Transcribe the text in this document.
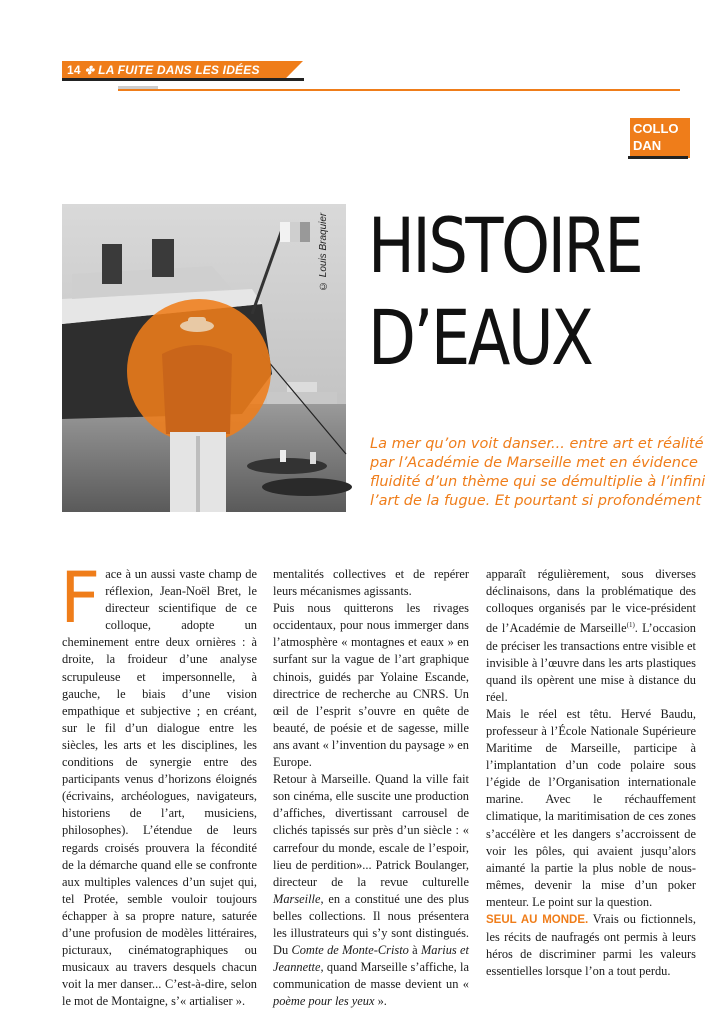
14 ✤ LA FUITE DANS LES IDÉES
COLLO
DAN
© Louis Braquier HISTOIRE
D’EAUX
La mer qu’on voit danser... entre art et réalité
par l’Académie de Marseille met en évidence
fluidité d’un thème qui se démultiplie à l’infini
l’art de la fugue. Et pourtant si profondément

Face à un aussi vaste champ de réflexion, Jean-Noël Bret, le directeur scientifique de ce colloque, adopte un cheminement entre deux ornières : à droite, la froideur d’une analyse scrupuleuse et impersonnelle, à gauche, le biais d’une vision empathique et subjective ; en créant, sur le fil d’un dialogue entre les siècles, les arts et les disciplines, les conditions de synergie entre des participants venus d’horizons éloignés (écrivains, archéologues, navigateurs, historiens de l’art, musiciens, philosophes). L’étendue de leurs regards croisés prouvera la fécondité de la démarche quand elle se confronte aux multiples valences d’un sujet qui, tel Protée, semble vouloir toujours échapper à sa propre nature, saturée d’une profusion de modèles littéraires, picturaux, cinématographiques ou musicaux au travers desquels chacun voit la mer danser... C’est-à-dire, selon le mot de Montaigne, s’« artialiser ».

mentalités collectives et de repérer leurs mécanismes agissants.

Puis nous quitterons les rivages occidentaux, pour nous immerger dans l’atmosphère « montagnes et eaux » en surfant sur la vague de l’art graphique chinois, guidés par Yolaine Escande, directrice de recherche au CNRS. Un œil de l’esprit s’ouvre en quête de beauté, de poésie et de sagesse, mille ans avant « l’invention du paysage » en Europe.

Retour à Marseille. Quand la ville fait son cinéma, elle suscite une production d’affiches, divertissant carrousel de clichés tapissés sur près d’un siècle : « carrefour du monde, escale de l’espoir, lieu de perdition»... Patrick Boulanger, directeur de la revue culturelle Marseille, en a constitué une des plus belles collections. Il nous présentera les illustrateurs qui s’y sont distingués. Du Comte de Monte-Cristo à Marius et Jeannette, quand Marseille s’affiche, la communication de masse devient un « poème pour les yeux ».

apparaît régulièrement, sous diverses déclinaisons, dans la problématique des colloques organisés par le vice-président de l’Académie de Marseille$^{(1)}$. L’occasion de préciser les transactions entre visible et invisible à l’œuvre dans les arts plastiques quand ils opèrent une mise à distance du réel.

Mais le réel est têtu. Hervé Baudu, professeur à l’École Nationale Supérieure Maritime de Marseille, participe à l’implantation d’un code polaire sous l’égide de l’Organisation internationale marine. Avec le réchauffement climatique, la maritimisation de ces zones s’accélère et les dangers s’accroissent de voir les pôles, qui avaient jusqu’alors aimanté la partie la plus noble de nous-mêmes, devenir la mise d’un poker menteur. Le point sur la question.

SEUL AU MONDE. Vrais ou fictionnels, les récits de naufragés ont permis à leurs héros de discriminer parmi les valeurs essentielles lorsque l’on a tout perdu.
